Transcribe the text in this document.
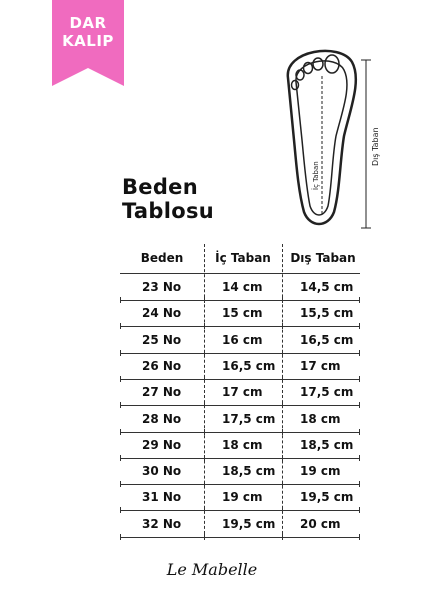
DAR
KALIP
İç Taban
Dış Taban
Beden
Tablosu
Beden	İç Taban	Dış Taban
23 No	14 cm	14,5 cm
24 No	15 cm	15,5 cm
25 No	16 cm	16,5 cm
26 No	16,5 cm 17 cm
27 No	17 cm	17,5 cm
28 No	17,5 cm 18 cm
29 No	18 cm	18,5 cm
30 No	18,5 cm 19 cm
31 No	19 cm	19,5 cm
32 No	19,5 cm 20 cm
Le Mabelle
